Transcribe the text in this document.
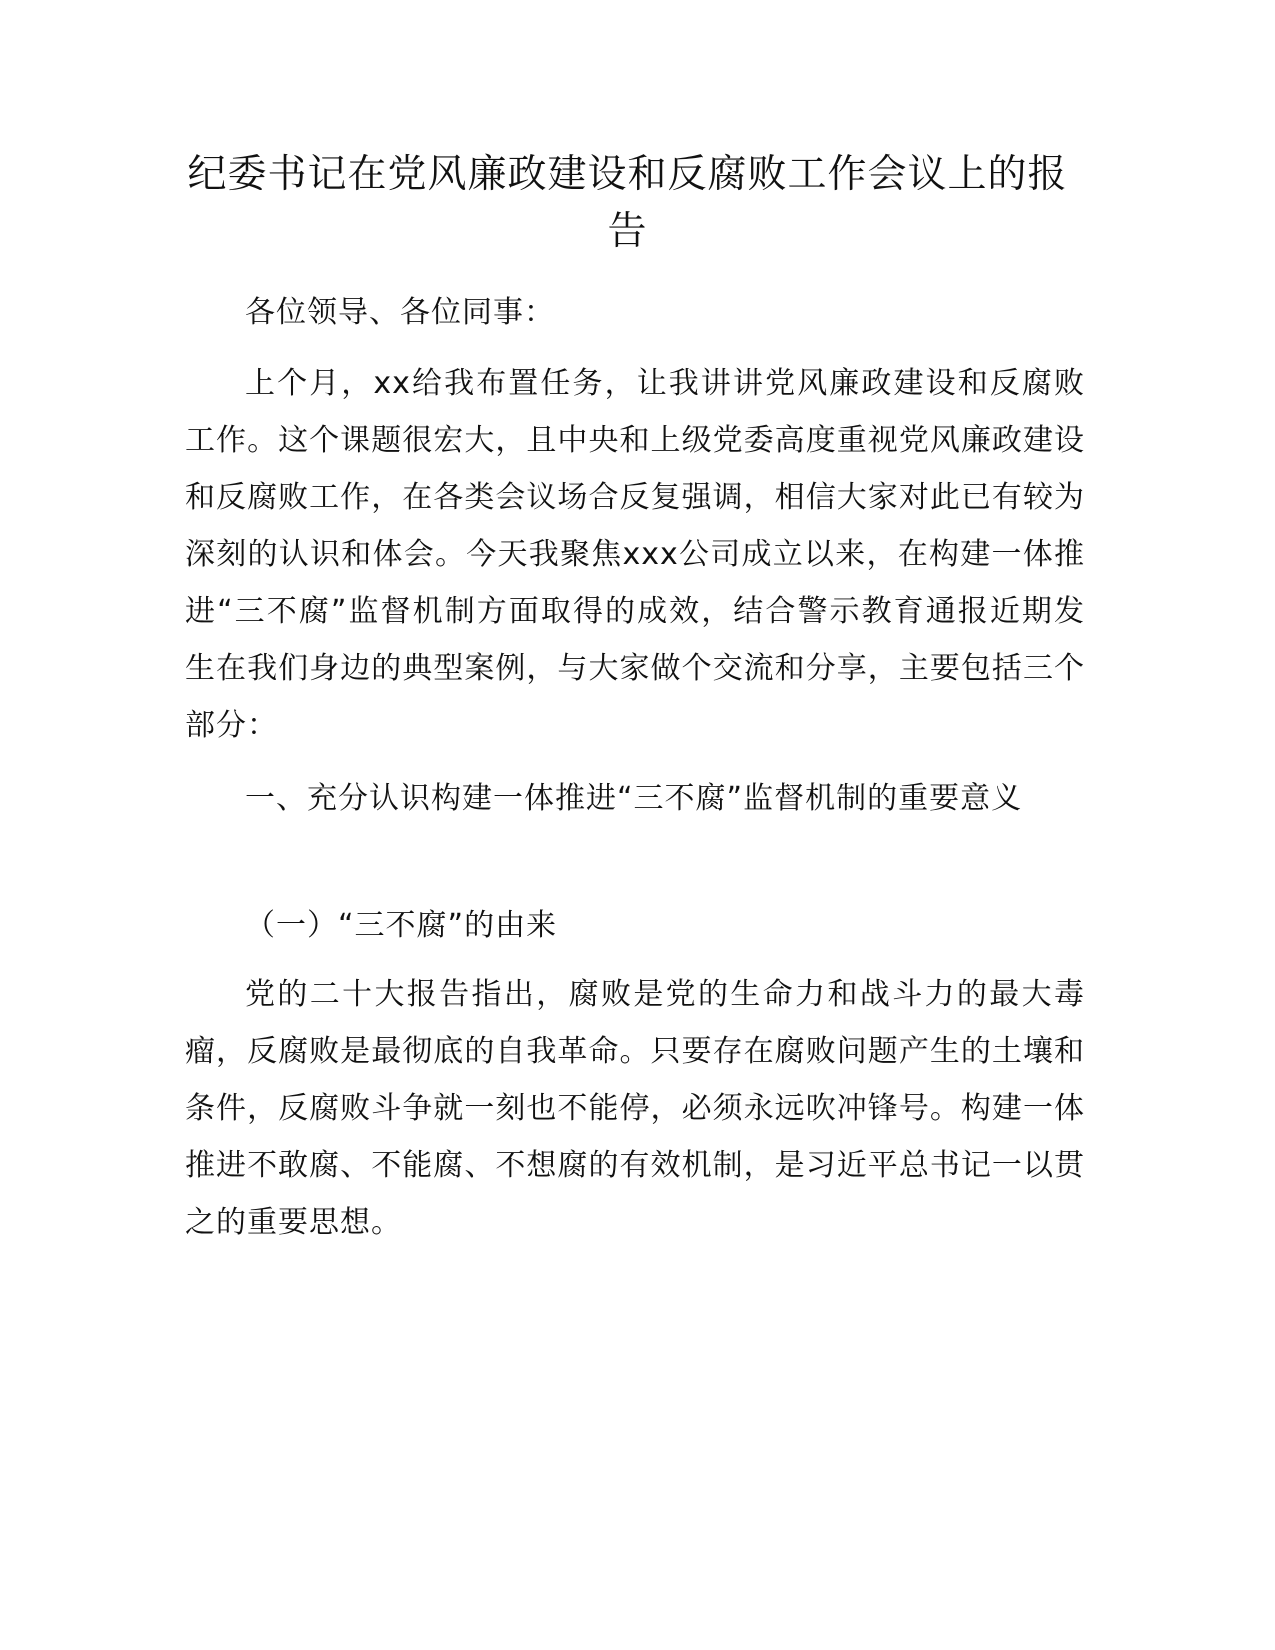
纪委书记在党风廉政建设和反腐败工作会议上的报告

各位领导、各位同事：

上个月，xx给我布置任务，让我讲讲党风廉政建设和反腐败工作。这个课题很宏大，且中央和上级党委高度重视党风廉政建设和反腐败工作，在各类会议场合反复强调，相信大家对此已有较为深刻的认识和体会。今天我聚焦xxx公司成立以来，在构建一体推进“三不腐”监督机制方面取得的成效，结合警示教育通报近期发生在我们身边的典型案例，与大家做个交流和分享，主要包括三个部分：

一、充分认识构建一体推进“三不腐”监督机制的重要意义

（一）“三不腐”的由来

党的二十大报告指出，腐败是党的生命力和战斗力的最大毒瘤，反腐败是最彻底的自我革命。只要存在腐败问题产生的土壤和条件，反腐败斗争就一刻也不能停，必须永远吹冲锋号。构建一体推进不敢腐、不能腐、不想腐的有效机制，是习近平总书记一以贯之的重要思想。
